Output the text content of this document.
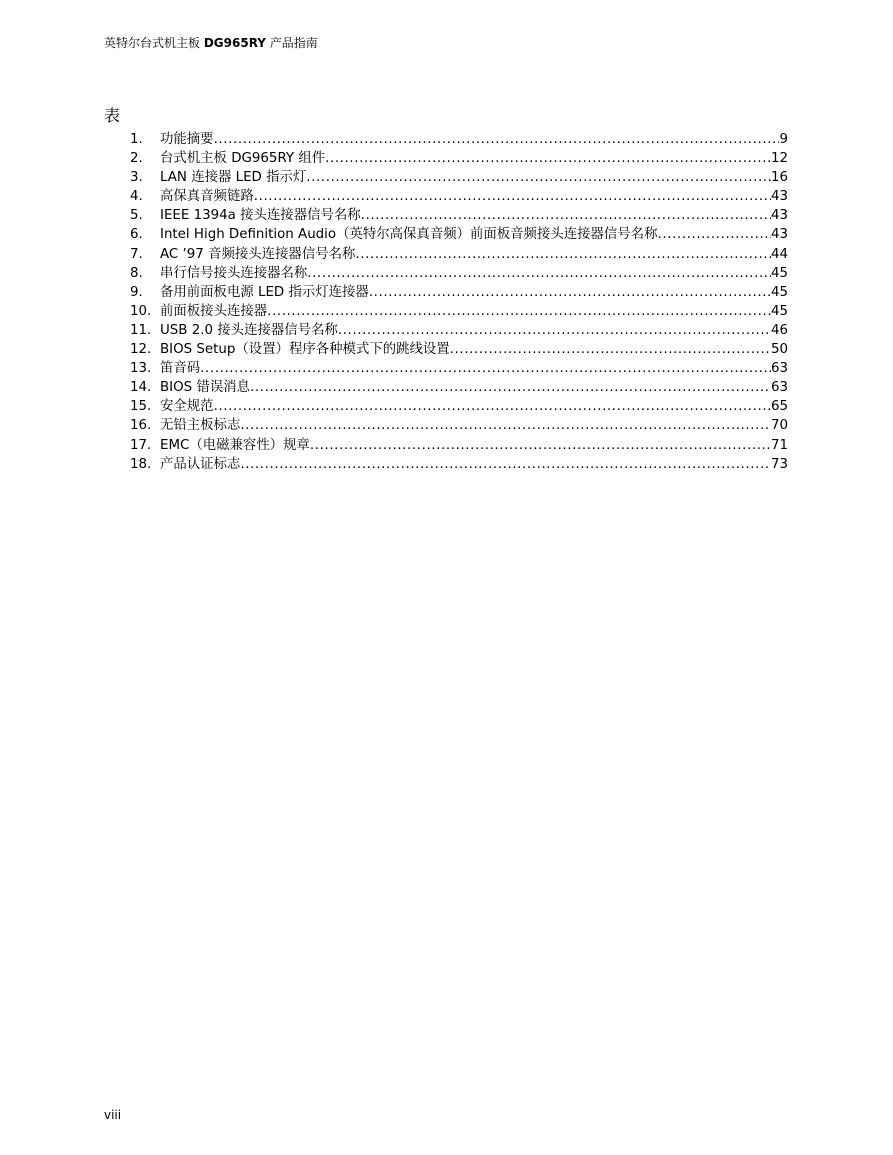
英特尔台式机主板 DG965RY 产品指南
表
1.	功能摘要 .....	9
2.	台式机主板 DG965RY 组件 .....	12
3.	LAN 连接器 LED 指示灯 .....	16
4.	高保真音频链路 .....	43
5.	IEEE 1394a 接头连接器信号名称 .....	43
6.	Intel High Definition Audio（英特尔高保真音频）前面板音频接头连接器信号名称 .....	43
7.	AC ’97 音频接头连接器信号名称 .....	44
8.	串行信号接头连接器名称 .....	45
9.	备用前面板电源 LED 指示灯连接器 .....	45
10. 前面板接头连接器 .....	45
11. USB 2.0 接头连接器信号名称 .....	46
12. BIOS Setup（设置）程序各种模式下的跳线设置 .....	50
13. 笛音码 .....	63
14. BIOS 错误消息 .....	63
15. 安全规范 .....	65
16. 无铅主板标志 .....	70
17. EMC（电磁兼容性）规章 .....	71
18. 产品认证标志 .....	73
viii
